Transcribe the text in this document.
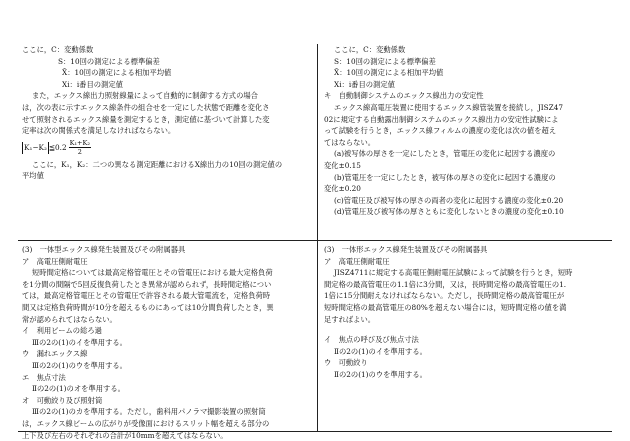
ここに，C：変動係数
S：10回の測定による標準偏差
X̄：10回の測定による相加平均値
Xi：i番目の測定値
また，エックス線出力照射線量によって自動的に制御する方式の場合
は，次の表に示すエックス線条件の組合せを一定にした状態で距離を変化さ
せて照射されるエックス線量を測定するとき，測定値に基づいて計算した変
定率は次の関係式を満足しなければならない。
K₁−K₂ ≦0.2 $\frac{\text{K₁+K₂}}{2}$
ここに，K₁，K₂：二つの異なる測定距離におけるX線出力の10回の測定値の
平均値
(3)　一体型エックス線発生装置及びその附属器具
ア　高電圧側耐電圧
短時間定格については最高定格管電圧とその管電圧における最大定格負荷
を1分間の間隔で5回反復負荷したとき異常が認められず，長時間定格につい
ては，最高定格管電圧とその管電圧で許容される最大管電流を，定格負荷時
間又は定格負荷時間が10分を超えるものにあっては10分間負荷したとき，異
常が認められてはならない。
イ　利用ビームの総ろ過
Ⅲの2の(1)のイを準用する。
ウ　漏れエックス線
Ⅲの2の(1)のウを準用する。
エ　焦点寸法
Ⅱの2の(1)のオを準用する。
オ　可動絞り及び照射筒
Ⅲの2の(1)のカを準用する。ただし，歯科用パノラマ撮影装置の照射筒
は，エックス線ビームの広がりが受像面におけるスリット幅を超える部分の
上下及び左右のそれぞれの合計が10mmを超えてはならない。
ここに，C：変動係数
S：10回の測定による標準偏差
X̄：10回の測定による相加平均値
Xi：i番目の測定値
キ　自動制御システムのエックス線出力の安定性
エックス線高電圧装置に使用するエックス線管装置を接続し，JISZ47
02に規定する自動露出制御システムのエックス線出力の安定性試験によ
って試験を行うとき，エックス線フィルムの濃度の変化は次の値を超え
てはならない。
(a)被写体の厚さを一定にしたとき，管電圧の変化に起因する濃度の
変化±0.15
(b)管電圧を一定にしたとき，被写体の厚さの変化に起因する濃度の
変化±0.20
(c)管電圧及び被写体の厚さの両者の変化に起因する濃度の変化±0.20
(d)管電圧及び被写体の厚さともに変化しないときの濃度の変化±0.10
(3)　一体形エックス線発生装置及びその附属器具
ア　高電圧側耐電圧
JISZ4711に規定する高電圧側耐電圧試験によって試験を行うとき，短時
間定格の最高管電圧の1.1倍に3分間，又は，長時間定格の最高管電圧の1.
1倍に15分間耐えなければならない。ただし，長時間定格の最高管電圧が
短時間定格の最高管電圧の80%を超えない場合には，短時間定格の値を満
足すればよい。
イ　焦点の呼び及び焦点寸法
Ⅱの2の(1)のイを準用する。
ウ　可動絞り
Ⅱの2の(1)のウを準用する。
